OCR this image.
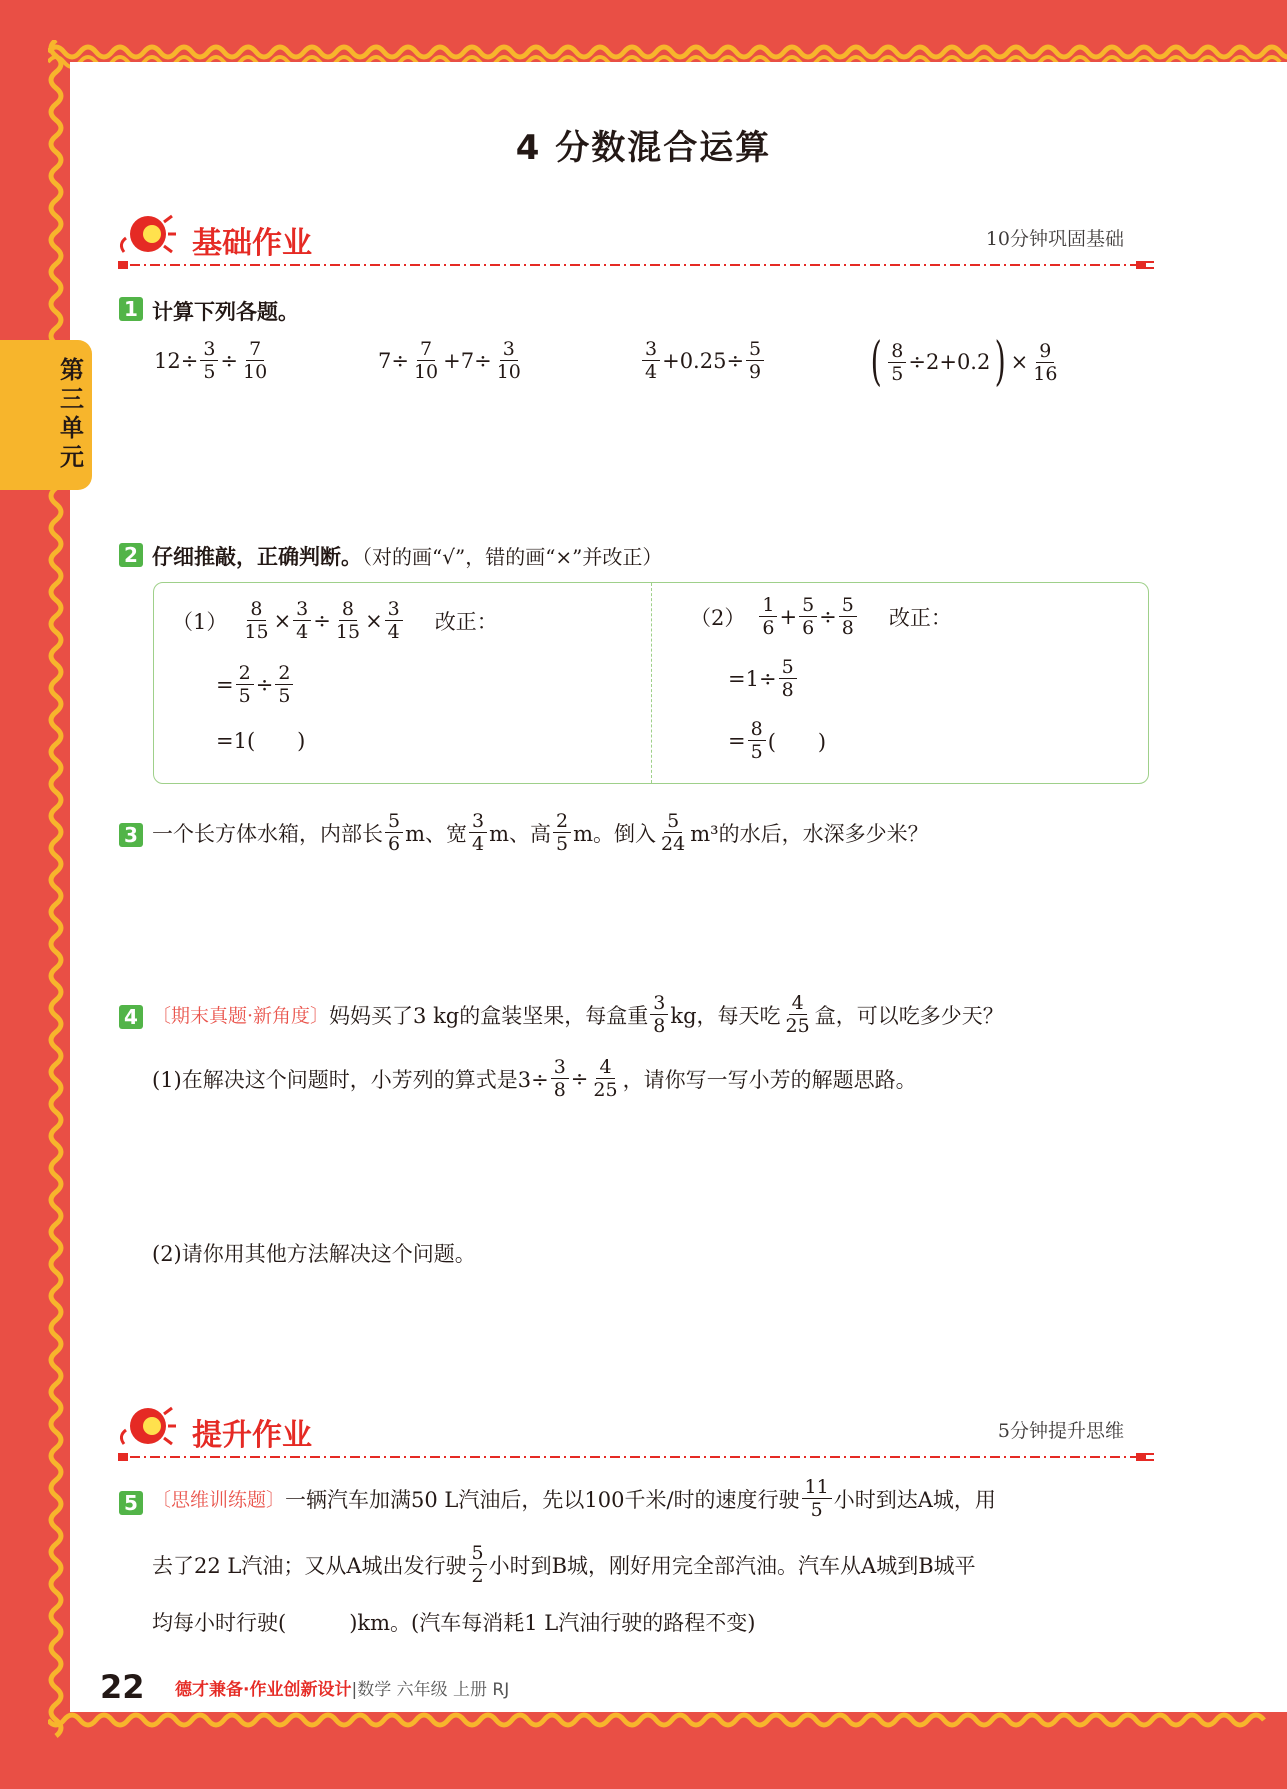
第三单元
4 分数混合运算
基础作业	10分钟巩固基础
1 计算下列各题。
$12\div \frac{3}{5} \div \frac{7}{10}$	$7\div \frac{7}{10} +7\div \frac{3}{10}$	3
$4 +0.25\div \frac{5}{9}$ ( $\frac{8}{5} \div 2+0.2$ ) × $\frac{9}{16}$
2 仔细推敲，正确判断。（对的画“√”，错的画“×”并改正）
$(1) \frac{8}{15} \times \frac{3}{4} \div \frac{8}{15} \times \frac{3}{4}$ 改正：
= $\frac{2}{5} \div \frac{2}{5}$
=1(　　)
（2）
1
$6 + \frac{5}{6} \div \frac{5}{8}$ 改正：
$=1\div \frac{5}{8}$
= $\frac{8}{5}$ (　　)
3 一个长方体水箱，内部长
5
6 m、宽
3
4 m、高
2
5 m。倒入
5
24 m³的水后，水深多少米？
4 〔期末真题·新角度〕 妈妈买了3 kg的盒装坚果，每盒重
3
8 kg，每天吃
4
25 盒，可以吃多少天？
(1)在解决这个问题时，小芳列的算式是$3\div \frac{3}{8} \div \frac{4}{25}$ ，请你写一写小芳的解题思路。
(2)请你用其他方法解决这个问题。
提升作业	5分钟提升思维
5 〔思维训练题〕 一辆汽车加满50 L汽油后，先以100千米/时的速度行驶
11
5 小时到达A城，用
去了22 L汽油；又从A城出发行驶
5
2 小时到B城，刚好用完全部汽油。汽车从A城到B城平
均每小时行驶(　　　)km。(汽车每消耗1 L汽油行驶的路程不变)
22 德才兼备·作业创新设计|数学 六年级 上册 RJ
